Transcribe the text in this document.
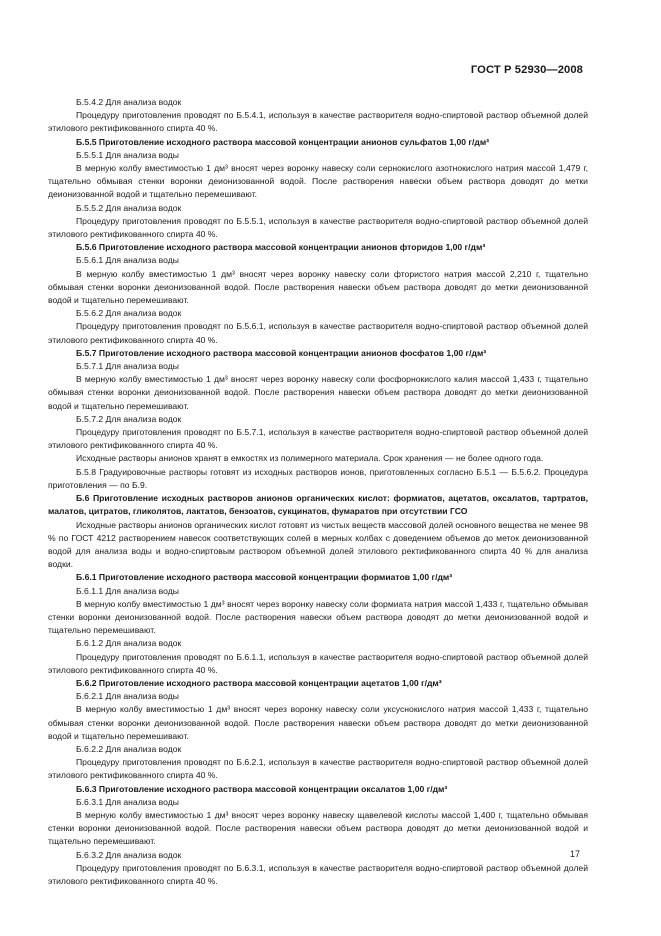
ГОСТ Р 52930—2008

Б.5.4.2 Для анализа водок

Процедуру приготовления проводят по Б.5.4.1, используя в качестве растворителя водно-спиртовой раствор объемной долей этилового ректификованного спирта 40 %.

Б.5.5 Приготовление исходного раствора массовой концентрации анионов сульфатов 1,00 г/дм³

Б.5.5.1 Для анализа воды

В мерную колбу вместимостью 1 дм³ вносят через воронку навеску соли сернокислого азотнокислого натрия массой 1,479 г, тщательно обмывая стенки воронки деионизованной водой. После растворения навески объем раствора доводят до метки деионизованной водой и тщательно перемешивают.

Б.5.5.2 Для анализа водок

Процедуру приготовления проводят по Б.5.5.1, используя в качестве растворителя водно-спиртовой раствор объемной долей этилового ректификованного спирта 40 %.

Б.5.6 Приготовление исходного раствора массовой концентрации анионов фторидов 1,00 г/дм³

Б.5.6.1 Для анализа воды

В мерную колбу вместимостью 1 дм³ вносят через воронку навеску соли фтористого натрия массой 2,210 г, тщательно обмывая стенки воронки деионизованной водой. После растворения навески объем раствора доводят до метки деионизованной водой и тщательно перемешивают.

Б.5.6.2 Для анализа водок

Процедуру приготовления проводят по Б.5.6.1, используя в качестве растворителя водно-спиртовой раствор объемной долей этилового ректификованного спирта 40 %.

Б.5.7 Приготовление исходного раствора массовой концентрации анионов фосфатов 1,00 г/дм³

Б.5.7.1 Для анализа воды

В мерную колбу вместимостью 1 дм³ вносят через воронку навеску соли фосфорнокислого калия массой 1,433 г, тщательно обмывая стенки воронки деионизованной водой. После растворения навески объем раствора доводят до метки деионизованной водой и тщательно перемешивают.

Б.5.7.2 Для анализа водок

Процедуру приготовления проводят по Б.5.7.1, используя в качестве растворителя водно-спиртовой раствор объемной долей этилового ректификованного спирта 40 %.

Исходные растворы анионов хранят в емкостях из полимерного материала. Срок хранения — не более одного года.

Б.5.8 Градуировочные растворы готовят из исходных растворов ионов, приготовленных согласно Б.5.1 — Б.5.6.2. Процедура приготовления — по Б.9.

Б.6 Приготовление исходных растворов анионов органических кислот: формиатов, ацетатов, оксалатов, тартратов, малатов, цитратов, гликолятов, лактатов, бензоатов, сукцинатов, фумаратов при отсутствии ГСО

Исходные растворы анионов органических кислот готовят из чистых веществ массовой долей основного вещества не менее 98 % по ГОСТ 4212 растворением навесок соответствующих солей в мерных колбах с доведением объемов до меток деионизованной водой для анализа воды и водно-спиртовым раствором объемной долей этилового ректификованного спирта 40 % для анализа водки.

Б.6.1 Приготовление исходного раствора массовой концентрации формиатов 1,00 г/дм³

Б.6.1.1 Для анализа воды

В мерную колбу вместимостью 1 дм³ вносят через воронку навеску соли формиата натрия массой 1,433 г, тщательно обмывая стенки воронки деионизованной водой. После растворения навески объем раствора доводят до метки деионизованной водой и тщательно перемешивают.

Б.6.1.2 Для анализа водок

Процедуру приготовления проводят по Б.6.1.1, используя в качестве растворителя водно-спиртовой раствор объемной долей этилового ректификованного спирта 40 %.

Б.6.2 Приготовление исходного раствора массовой концентрации ацетатов 1,00 г/дм³

Б.6.2.1 Для анализа воды

В мерную колбу вместимостью 1 дм³ вносят через воронку навеску соли уксуснокислого натрия массой 1,433 г, тщательно обмывая стенки воронки деионизованной водой. После растворения навески объем раствора доводят до метки деионизованной водой и тщательно перемешивают.

Б.6.2.2 Для анализа водок

Процедуру приготовления проводят по Б.6.2.1, используя в качестве растворителя водно-спиртовой раствор объемной долей этилового ректификованного спирта 40 %.

Б.6.3 Приготовление исходного раствора массовой концентрации оксалатов 1,00 г/дм³

Б.6.3.1 Для анализа воды

В мерную колбу вместимостью 1 дм³ вносят через воронку навеску щавелевой кислоты массой 1,400 г, тщательно обмывая стенки воронки деионизованной водой. После растворения навески объем раствора доводят до метки деионизованной водой и тщательно перемешивают.

Б.6.3.2 Для анализа водок

Процедуру приготовления проводят по Б.6.3.1, используя в качестве растворителя водно-спиртовой раствор объемной долей этилового ректификованного спирта 40 %.

17
